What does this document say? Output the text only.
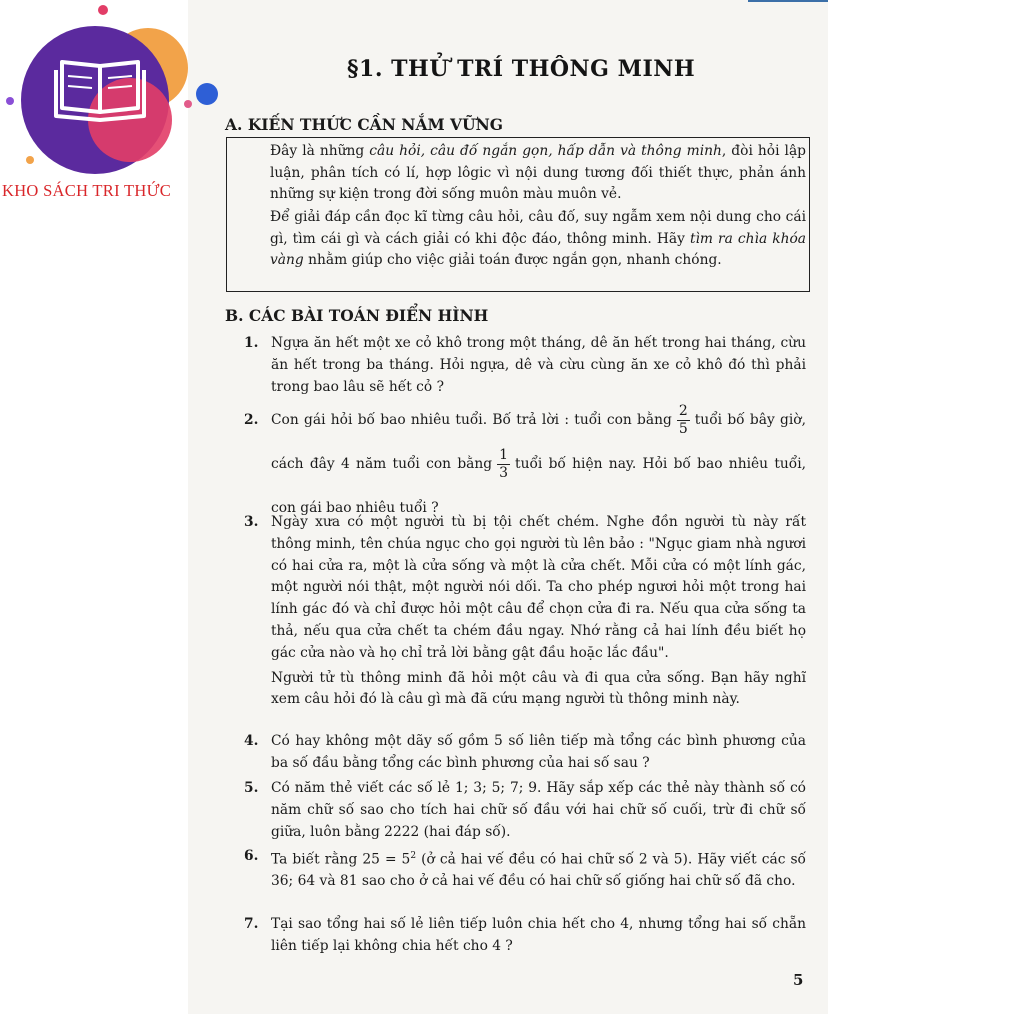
KHO SÁCH TRI THỨC
§1. THỬ TRÍ THÔNG MINH
A. KIẾN THỨC CẦN NẮM VỮNG

Đây là những câu hỏi, câu đố ngắn gọn, hấp dẫn và thông minh, đòi hỏi lập luận, phân tích có lí, hợp lôgic vì nội dung tương đối thiết thực, phản ánh những sự kiện trong đời sống muôn màu muôn vẻ.

Để giải đáp cần đọc kĩ từng câu hỏi, câu đố, suy ngẫm xem nội dung cho cái gì, tìm cái gì và cách giải có khi độc đáo, thông minh. Hãy tìm ra chìa khóa vàng nhằm giúp cho việc giải toán được ngắn gọn, nhanh chóng.

B. CÁC BÀI TOÁN ĐIỂN HÌNH
1. Ngựa ăn hết một xe cỏ khô trong một tháng, dê ăn hết trong hai tháng, cừu ăn hết trong ba tháng. Hỏi ngựa, dê và cừu cùng ăn xe cỏ khô đó thì phải trong bao lâu sẽ hết cỏ ?

2. Con gái hỏi bố bao nhiêu tuổi. Bố trả lời : tuổi con bằng $\frac{2}{5}$ tuổi bố bây giờ, cách đây 4 năm tuổi con bằng $\frac{1}{3}$ tuổi bố hiện nay. Hỏi bố bao nhiêu tuổi, con gái bao nhiêu tuổi ?

3. Ngày xưa có một người tù bị tội chết chém. Nghe đồn người tù này rất thông minh, tên chúa ngục cho gọi người tù lên bảo : "Ngục giam nhà ngươi có hai cửa ra, một là cửa sống và một là cửa chết. Mỗi cửa có một lính gác, một người nói thật, một người nói dối. Ta cho phép ngươi hỏi một trong hai lính gác đó và chỉ được hỏi một câu để chọn cửa đi ra. Nếu qua cửa sống ta thả, nếu qua cửa chết ta chém đầu ngay. Nhớ rằng cả hai lính đều biết họ gác cửa nào và họ chỉ trả lời bằng gật đầu hoặc lắc đầu".

Người tử tù thông minh đã hỏi một câu và đi qua cửa sống. Bạn hãy nghĩ xem câu hỏi đó là câu gì mà đã cứu mạng người tù thông minh này.

4. Có hay không một dãy số gồm 5 số liên tiếp mà tổng các bình phương của ba số đầu bằng tổng các bình phương của hai số sau ?

5. Có năm thẻ viết các số lẻ 1; 3; 5; 7; 9. Hãy sắp xếp các thẻ này thành số có năm chữ số sao cho tích hai chữ số đầu với hai chữ số cuối, trừ đi chữ số giữa, luôn bằng 2222 (hai đáp số).

6. Ta biết rằng $25 = 5^2$ (ở cả hai vế đều có hai chữ số 2 và 5). Hãy viết các số 36; 64 và 81 sao cho ở cả hai vế đều có hai chữ số giống hai chữ số đã cho.

7. Tại sao tổng hai số lẻ liên tiếp luôn chia hết cho 4, nhưng tổng hai số chẵn liên tiếp lại không chia hết cho 4 ?

5
